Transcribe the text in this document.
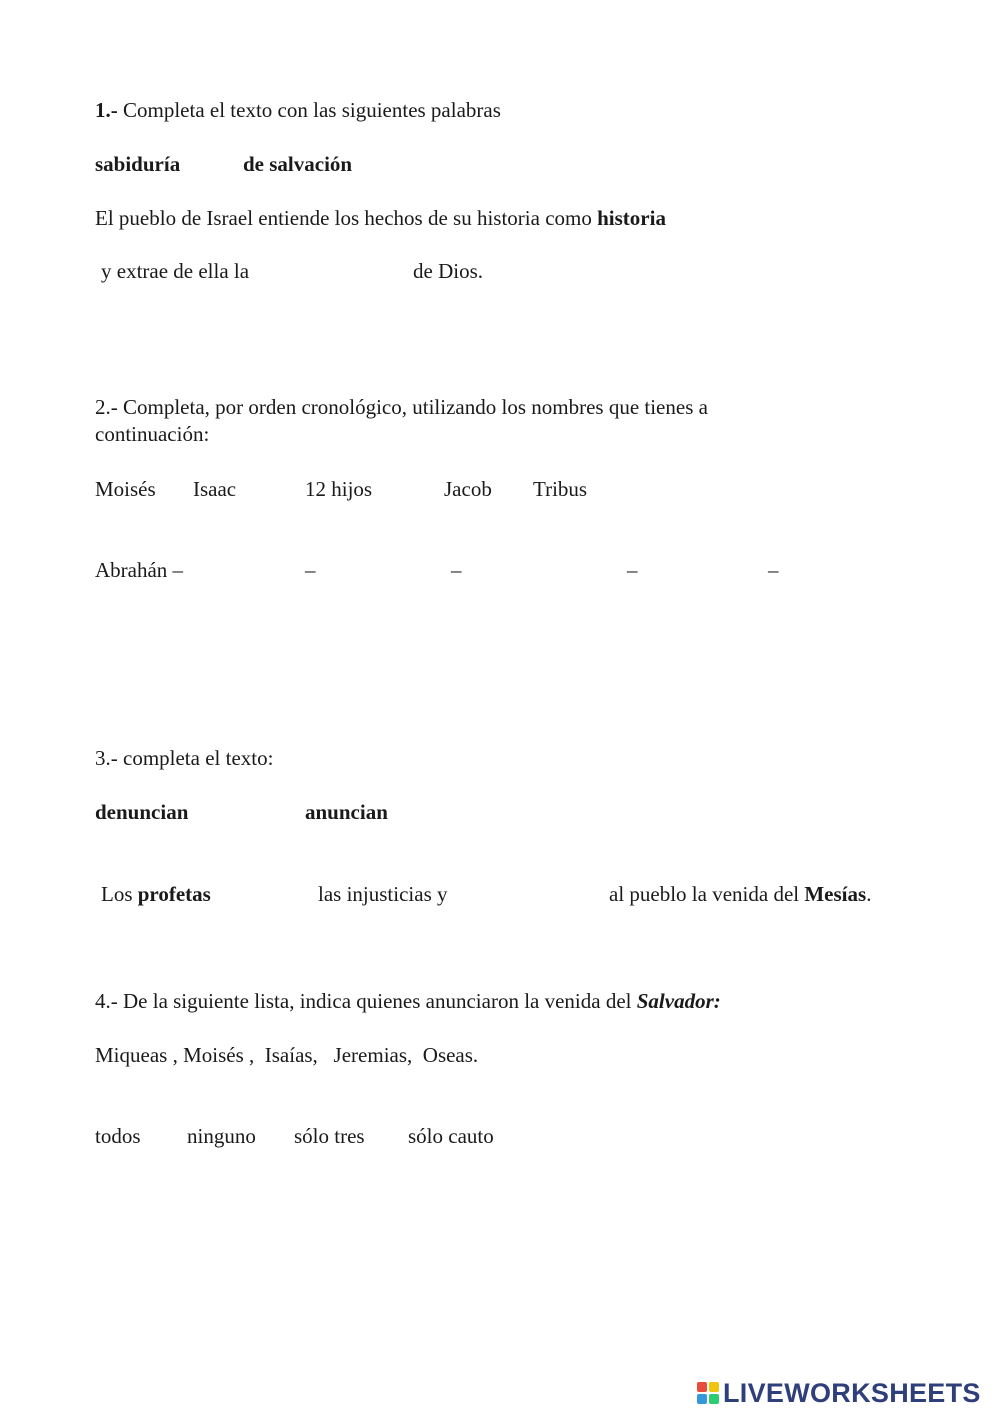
1.- Completa el texto con las siguientes palabras
sabiduría	de salvación
El pueblo de Israel entiende los hechos de su historia como historia
y extrae de ella la	de Dios.
2.- Completa, por orden cronológico, utilizando los nombres que tienes a
continuación:
Moisés Isaac	12 hijos	Jacob Tribus
Abrahán –	–	–	–	–
3.- completa el texto:
denuncian	anuncian
Los profetas	las injusticias y	al pueblo la venida del Mesías.
4.- De la siguiente lista, indica quienes anunciaron la venida del Salvador:
Miqueas , Moisés ,  Isaías,   Jeremias,  Oseas.
todos ninguno sólo tres sólo cauto
LIVEWORKSHEETS
